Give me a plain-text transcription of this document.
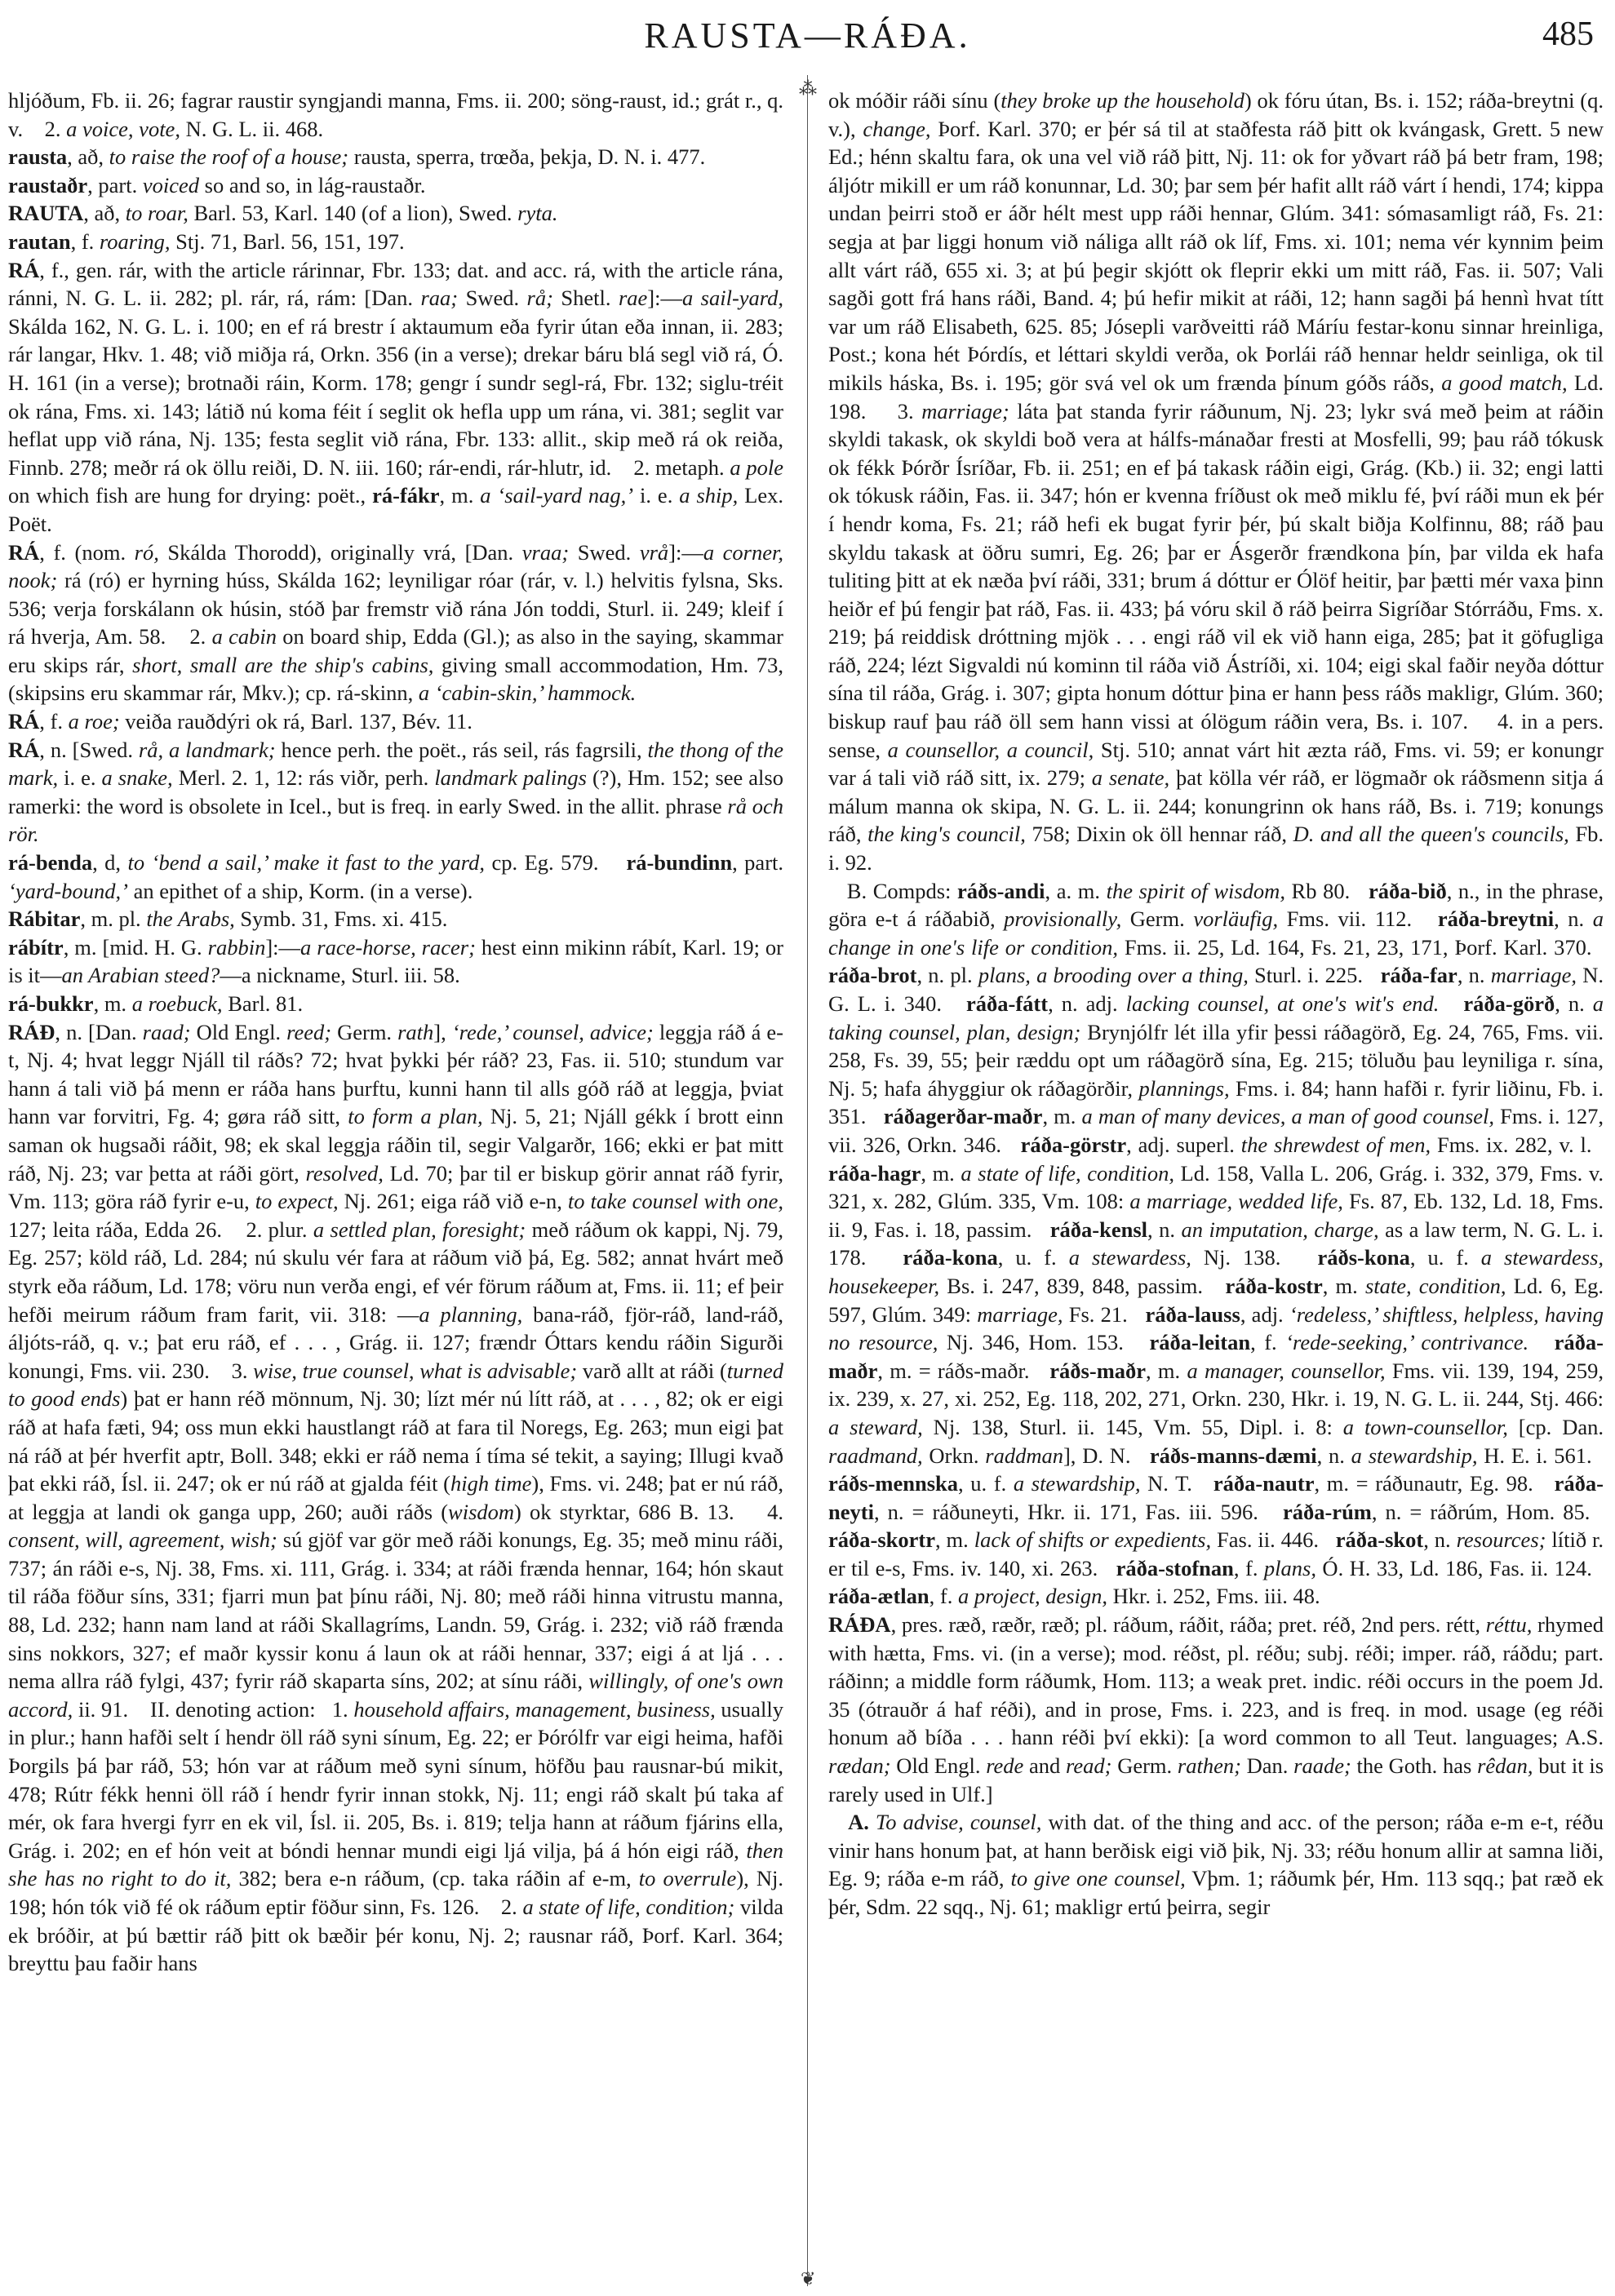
RAUSTA—RÁÐA.	485
⁂
❦

hljóðum, Fb. ii. 26; fagrar raustir syngjandi manna, Fms. ii. 200; söng-raust, id.; grát r., q. v.    2. a voice, vote, N. G. L. ii. 468.

rausta, að, to raise the roof of a house; rausta, sperra, trœða, þekja, D. N. i. 477.

raustaðr, part. voiced so and so, in lág-raustaðr.

RAUTA, að, to roar, Barl. 53, Karl. 140 (of a lion), Swed. ryta.

rautan, f. roaring, Stj. 71, Barl. 56, 151, 197.

RÁ, f., gen. rár, with the article rárinnar, Fbr. 133; dat. and acc. rá, with the article rána, ránni, N. G. L. ii. 282; pl. rár, rá, rám: [Dan. raa; Swed. rå; Shetl. rae]:—a sail-yard, Skálda 162, N. G. L. i. 100; en ef rá brestr í aktaumum eða fyrir útan eða innan, ii. 283; rár langar, Hkv. 1. 48; við miðja rá, Orkn. 356 (in a verse); drekar báru blá segl við rá, Ó. H. 161 (in a verse); brotnaði ráin, Korm. 178; gengr í sundr segl-rá, Fbr. 132; siglu-tréit ok rána, Fms. xi. 143; látið nú koma féit í seglit ok hefla upp um rána, vi. 381; seglit var heflat upp við rána, Nj. 135; festa seglit við rána, Fbr. 133: allit., skip með rá ok reiða, Finnb. 278; meðr rá ok öllu reiði, D. N. iii. 160; rár-endi, rár-hlutr, id.    2. metaph. a pole on which fish are hung for drying: poët., rá-fákr, m. a ‘sail-yard nag,’ i. e. a ship, Lex. Poët.

RÁ, f. (nom. ró, Skálda Thorodd), originally vrá, [Dan. vraa; Swed. vrå]:—a corner, nook; rá (ró) er hyrning húss, Skálda 162; leyniligar róar (rár, v. l.) helvitis fylsna, Sks. 536; verja forskálann ok húsin, stóð þar fremstr við rána Jón toddi, Sturl. ii. 249; kleif í rá hverja, Am. 58.    2. a cabin on board ship, Edda (Gl.); as also in the saying, skammar eru skips rár, short, small are the ship's cabins, giving small accommodation, Hm. 73, (skipsins eru skammar rár, Mkv.); cp. rá-skinn, a ‘cabin-skin,’ hammock.

RÁ, f. a roe; veiða rauðdýri ok rá, Barl. 137, Bév. 11.

RÁ, n. [Swed. rå, a landmark; hence perh. the poët., rás seil, rás fagrsili, the thong of the mark, i. e. a snake, Merl. 2. 1, 12: rás viðr, perh. landmark palings (?), Hm. 152; see also ramerki: the word is obsolete in Icel., but is freq. in early Swed. in the allit. phrase rå och rör.

rá-benda, d, to ‘bend a sail,’ make it fast to the yard, cp. Eg. 579.    rá-bundinn, part. ‘yard-bound,’ an epithet of a ship, Korm. (in a verse).

Rábitar, m. pl. the Arabs, Symb. 31, Fms. xi. 415.

rábítr, m. [mid. H. G. rabbin]:—a race-horse, racer; hest einn mikinn rábít, Karl. 19; or is it—an Arabian steed?—a nickname, Sturl. iii. 58.

rá-bukkr, m. a roebuck, Barl. 81.

RÁÐ, n. [Dan. raad; Old Engl. reed; Germ. rath], ‘rede,’ counsel, advice; leggja ráð á e-t, Nj. 4; hvat leggr Njáll til ráðs? 72; hvat þykki þér ráð? 23, Fas. ii. 510; stundum var hann á tali við þá menn er ráða hans þurftu, kunni hann til alls góð ráð at leggja, þviat hann var forvitri, Fg. 4; gøra ráð sitt, to form a plan, Nj. 5, 21; Njáll gékk í brott einn saman ok hugsaði ráðit, 98; ek skal leggja ráðin til, segir Valgarðr, 166; ekki er þat mitt ráð, Nj. 23; var þetta at ráði gört, resolved, Ld. 70; þar til er biskup görir annat ráð fyrir, Vm. 113; göra ráð fyrir e-u, to expect, Nj. 261; eiga ráð við e-n, to take counsel with one, 127; leita ráða, Edda 26.    2. plur. a settled plan, foresight; með ráðum ok kappi, Nj. 79, Eg. 257; köld ráð, Ld. 284; nú skulu vér fara at ráðum við þá, Eg. 582; annat hvárt með styrk eða ráðum, Ld. 178; vöru nun verða engi, ef vér förum ráðum at, Fms. ii. 11; ef þeir hefði meirum ráðum fram farit, vii. 318: —a planning, bana-ráð, fjör-ráð, land-ráð, áljóts-ráð, q. v.; þat eru ráð, ef . . . , Grág. ii. 127; frændr Óttars kendu ráðin Sigurði konungi, Fms. vii. 230.    3. wise, true counsel, what is advisable; varð allt at ráði (turned to good ends) þat er hann réð mönnum, Nj. 30; lízt mér nú lítt ráð, at . . . , 82; ok er eigi ráð at hafa fæti, 94; oss mun ekki haustlangt ráð at fara til Noregs, Eg. 263; mun eigi þat ná ráð at þér hverfit aptr, Boll. 348; ekki er ráð nema í tíma sé tekit, a saying; Illugi kvað þat ekki ráð, Ísl. ii. 247; ok er nú ráð at gjalda féit (high time), Fms. vi. 248; þat er nú ráð, at leggja at landi ok ganga upp, 260; auði ráðs (wisdom) ok styrktar, 686 B. 13.    4. consent, will, agreement, wish; sú gjöf var gör með ráði konungs, Eg. 35; með minu ráði, 737; án ráði e-s, Nj. 38, Fms. xi. 111, Grág. i. 334; at ráði frænda hennar, 164; hón skaut til ráða föður síns, 331; fjarri mun þat þínu ráði, Nj. 80; með ráði hinna vitrustu manna, 88, Ld. 232; hann nam land at ráði Skallagríms, Landn. 59, Grág. i. 232; við ráð frænda sins nokkors, 327; ef maðr kyssir konu á laun ok at ráði hennar, 337; eigi á at ljá . . . nema allra ráð fylgi, 437; fyrir ráð skaparta síns, 202; at sínu ráði, willingly, of one's own accord, ii. 91.    II. denoting action:   1. household affairs, management, business, usually in plur.; hann hafði selt í hendr öll ráð syni sínum, Eg. 22; er Þórólfr var eigi heima, hafði Þorgils þá þar ráð, 53; hón var at ráðum með syni sínum, höfðu þau rausnar-bú mikit, 478; Rútr fékk henni öll ráð í hendr fyrir innan stokk, Nj. 11; engi ráð skalt þú taka af mér, ok fara hvergi fyrr en ek vil, Ísl. ii. 205, Bs. i. 819; telja hann at ráðum fjárins ella, Grág. i. 202; en ef hón veit at bóndi hennar mundi eigi ljá vilja, þá á hón eigi ráð, then she has no right to do it, 382; bera e-n ráðum, (cp. taka ráðin af e-m, to overrule), Nj. 198; hón tók við fé ok ráðum eptir föður sinn, Fs. 126.    2. a state of life, condition; vilda ek bróðir, at þú bættir ráð þitt ok bæðir þér konu, Nj. 2; rausnar ráð, Þorf. Karl. 364; breyttu þau faðir hans

ok móðir ráði sínu (they broke up the household) ok fóru útan, Bs. i. 152; ráða-breytni (q. v.), change, Þorf. Karl. 370; er þér sá til at staðfesta ráð þitt ok kvángask, Grett. 5 new Ed.; hénn skaltu fara, ok una vel við ráð þitt, Nj. 11: ok for yðvart ráð þá betr fram, 198; áljótr mikill er um ráð konunnar, Ld. 30; þar sem þér hafit allt ráð várt í hendi, 174; kippa undan þeirri stoð er áðr hélt mest upp ráði hennar, Glúm. 341: sómasamligt ráð, Fs. 21: segja at þar liggi honum við náliga allt ráð ok líf, Fms. xi. 101; nema vér kynnim þeim allt várt ráð, 655 xi. 3; at þú þegir skjótt ok fleprir ekki um mitt ráð, Fas. ii. 507; Vali sagði gott frá hans ráði, Band. 4; þú hefir mikit at ráði, 12; hann sagði þá hennì hvat títt var um ráð Elisabeth, 625. 85; Jósepli varðveitti ráð Máríu festar-konu sinnar hreinliga, Post.; kona hét Þórdís, et léttari skyldi verða, ok Þorlái ráð hennar heldr seinliga, ok til mikils háska, Bs. i. 195; gör svá vel ok um frænda þínum góðs ráðs, a good match, Ld. 198.    3. marriage; láta þat standa fyrir ráðunum, Nj. 23; lykr svá með þeim at ráðin skyldi takask, ok skyldi boð vera at hálfs-mánaðar fresti at Mosfelli, 99; þau ráð tókusk ok fékk Þórðr Ísríðar, Fb. ii. 251; en ef þá takask ráðin eigi, Grág. (Kb.) ii. 32; engi latti ok tókusk ráðin, Fas. ii. 347; hón er kvenna fríðust ok með miklu fé, því ráði mun ek þér í hendr koma, Fs. 21; ráð hefi ek bugat fyrir þér, þú skalt biðja Kolfinnu, 88; ráð þau skyldu takask at öðru sumri, Eg. 26; þar er Ásgerðr frændkona þín, þar vilda ek hafa tuliting þitt at ek næða því ráði, 331; brum á dóttur er Ólöf heitir, þar þætti mér vaxa þinn heiðr ef þú fengir þat ráð, Fas. ii. 433; þá vóru skil ð ráð þeirra Sigríðar Stórráðu, Fms. x. 219; þá reiddisk dróttning mjök . . . engi ráð vil ek við hann eiga, 285; þat it göfugliga ráð, 224; lézt Sigvaldi nú kominn til ráða við Ástríði, xi. 104; eigi skal faðir neyða dóttur sína til ráða, Grág. i. 307; gipta honum dóttur þina er hann þess ráðs makligr, Glúm. 360; biskup rauf þau ráð öll sem hann vissi at ólögum ráðin vera, Bs. i. 107.    4. in a pers. sense, a counsellor, a council, Stj. 510; annat várt hit æzta ráð, Fms. vi. 59; er konungr var á tali við ráð sitt, ix. 279; a senate, þat kölla vér ráð, er lögmaðr ok ráðsmenn sitja á málum manna ok skipa, N. G. L. ii. 244; konungrinn ok hans ráð, Bs. i. 719; konungs ráð, the king's council, 758; Dixin ok öll hennar ráð, D. and all the queen's councils, Fb. i. 92.

B. Compds: ráðs-andi, a. m. the spirit of wisdom, Rb 80.   ráða-bið, n., in the phrase, göra e-t á ráðabið, provisionally, Germ. vorläufig, Fms. vii. 112.   ráða-breytni, n. a change in one's life or condition, Fms. ii. 25, Ld. 164, Fs. 21, 23, 171, Þorf. Karl. 370.   ráða-brot, n. pl. plans, a brooding over a thing, Sturl. i. 225.   ráða-far, n. marriage, N. G. L. i. 340.   ráða-fátt, n. adj. lacking counsel, at one's wit's end. ráða-görð, n. a taking counsel, plan, design; Brynjólfr lét illa yfir þessi ráðagörð, Eg. 24, 765, Fms. vii. 258, Fs. 39, 55; þeir ræddu opt um ráðagörð sína, Eg. 215; töluðu þau leyniliga r. sína, Nj. 5; hafa áhyggiur ok ráðagörðir, plannings, Fms. i. 84; hann hafði r. fyrir liðinu, Fb. i. 351.   ráðagerðar-maðr, m. a man of many devices, a man of good counsel, Fms. i. 127, vii. 326, Orkn. 346.   ráða-görstr, adj. superl. the shrewdest of men, Fms. ix. 282, v. l.   ráða-hagr, m. a state of life, condition, Ld. 158, Valla L. 206, Grág. i. 332, 379, Fms. v. 321, x. 282, Glúm. 335, Vm. 108: a marriage, wedded life, Fs. 87, Eb. 132, Ld. 18, Fms. ii. 9, Fas. i. 18, passim.   ráða-kensl, n. an imputation, charge, as a law term, N. G. L. i. 178.   ráða-kona, u. f. a stewardess, Nj. 138.   ráðs-kona, u. f. a stewardess, housekeeper, Bs. i. 247, 839, 848, passim.   ráða-kostr, m. state, condition, Ld. 6, Eg. 597, Glúm. 349: marriage, Fs. 21.   ráða-lauss, adj. ‘redeless,’ shiftless, helpless, having no resource, Nj. 346, Hom. 153.   ráða-leitan, f. ‘rede-seeking,’ contrivance. ráða-maðr, m. = ráðs-maðr.   ráðs-maðr, m. a manager, counsellor, Fms. vii. 139, 194, 259, ix. 239, x. 27, xi. 252, Eg. 118, 202, 271, Orkn. 230, Hkr. i. 19, N. G. L. ii. 244, Stj. 466: a steward, Nj. 138, Sturl. ii. 145, Vm. 55, Dipl. i. 8: a town-counsellor, [cp. Dan. raadmand, Orkn. raddman], D. N.   ráðs-manns-dæmi, n. a stewardship, H. E. i. 561.   ráðs-mennska, u. f. a stewardship, N. T.   ráða-nautr, m. = ráðunautr, Eg. 98.   ráða-neyti, n. = ráðuneyti, Hkr. ii. 171, Fas. iii. 596.   ráða-rúm, n. = ráðrúm, Hom. 85.   ráða-skortr, m. lack of shifts or expedients, Fas. ii. 446.   ráða-skot, n. resources; lítið r. er til e-s, Fms. iv. 140, xi. 263.   ráða-stofnan, f. plans, Ó. H. 33, Ld. 186, Fas. ii. 124.   ráða-ætlan, f. a project, design, Hkr. i. 252, Fms. iii. 48.

RÁÐA, pres. ræð, ræðr, ræð; pl. ráðum, ráðit, ráða; pret. réð, 2nd pers. rétt, réttu, rhymed with hætta, Fms. vi. (in a verse); mod. réðst, pl. réðu; subj. réði; imper. ráð, ráðdu; part. ráðinn; a middle form ráðumk, Hom. 113; a weak pret. indic. réði occurs in the poem Jd. 35 (ótrauðr á haf réði), and in prose, Fms. i. 223, and is freq. in mod. usage (eg réði honum að bíða . . . hann réði því ekki): [a word common to all Teut. languages; A.S. rædan; Old Engl. rede and read; Germ. rathen; Dan. raade; the Goth. has rêdan, but it is rarely used in Ulf.]

A. To advise, counsel, with dat. of the thing and acc. of the person; ráða e-m e-t, réðu vinir hans honum þat, at hann berðisk eigi við þik, Nj. 33; réðu honum allir at samna liði, Eg. 9; ráða e-m ráð, to give one counsel, Vþm. 1; ráðumk þér, Hm. 113 sqq.; þat ræð ek þér, Sdm. 22 sqq., Nj. 61; makligr ertú þeirra, segir
